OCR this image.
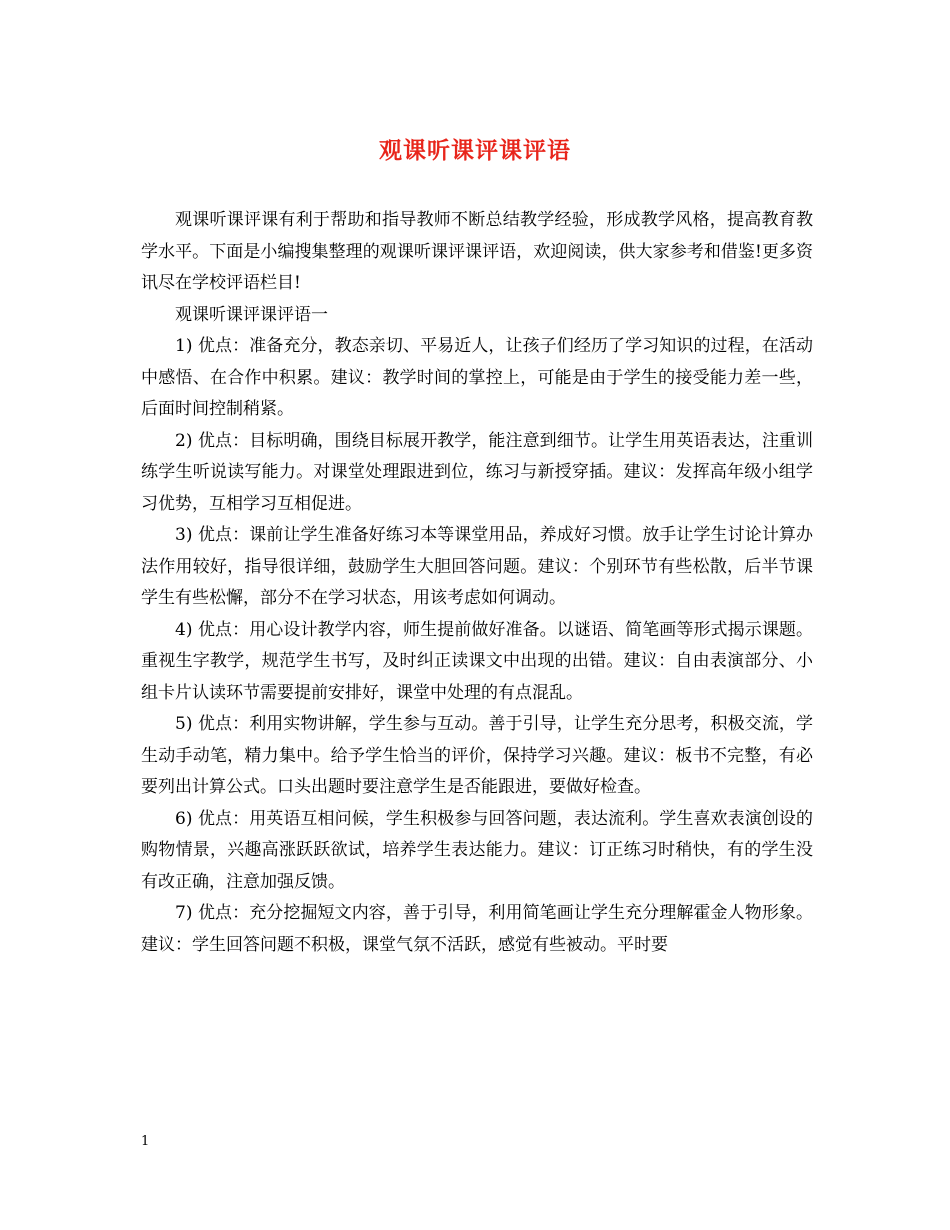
观课听课评课评语

观课听课评课有利于帮助和指导教师不断总结教学经验，形成教学风格，提高教育教学水平。下面是小编搜集整理的观课听课评课评语，欢迎阅读，供大家参考和借鉴!更多资讯尽在学校评语栏目!

观课听课评课评语一

1) 优点：准备充分，教态亲切、平易近人，让孩子们经历了学习知识的过程，在活动中感悟、在合作中积累。建议：教学时间的掌控上，可能是由于学生的接受能力差一些，后面时间控制稍紧。

2) 优点：目标明确，围绕目标展开教学，能注意到细节。让学生用英语表达，注重训练学生听说读写能力。对课堂处理跟进到位，练习与新授穿插。建议：发挥高年级小组学习优势，互相学习互相促进。

3) 优点：课前让学生准备好练习本等课堂用品，养成好习惯。放手让学生讨论计算办法作用较好，指导很详细，鼓励学生大胆回答问题。建议：个别环节有些松散，后半节课学生有些松懈，部分不在学习状态，用该考虑如何调动。

4) 优点：用心设计教学内容，师生提前做好准备。以谜语、简笔画等形式揭示课题。重视生字教学，规范学生书写，及时纠正读课文中出现的出错。建议：自由表演部分、小组卡片认读环节需要提前安排好，课堂中处理的有点混乱。

5) 优点：利用实物讲解，学生参与互动。善于引导，让学生充分思考，积极交流，学生动手动笔，精力集中。给予学生恰当的评价，保持学习兴趣。建议：板书不完整，有必要列出计算公式。口头出题时要注意学生是否能跟进，要做好检查。

6) 优点：用英语互相问候，学生积极参与回答问题，表达流利。学生喜欢表演创设的购物情景，兴趣高涨跃跃欲试，培养学生表达能力。建议：订正练习时稍快，有的学生没有改正确，注意加强反馈。

7) 优点：充分挖掘短文内容，善于引导，利用简笔画让学生充分理解霍金人物形象。建议：学生回答问题不积极，课堂气氛不活跃，感觉有些被动。平时要

1
